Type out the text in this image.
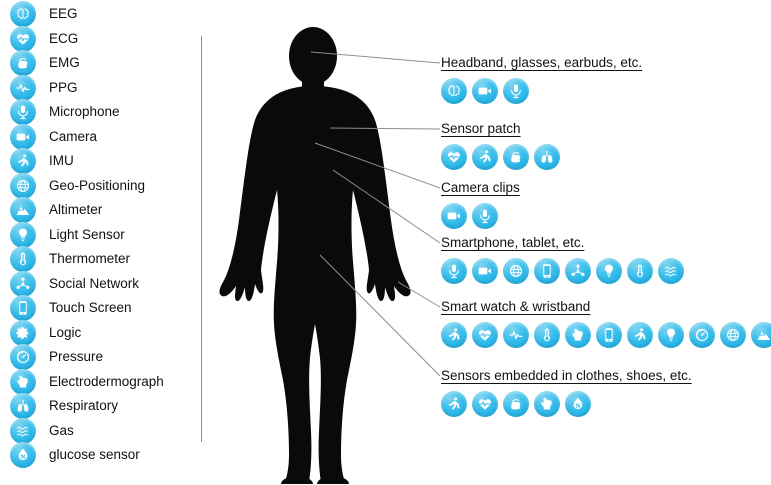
EEG
ECG
EMG
PPG
Microphone
Camera
IMU
Geo-Positioning
Altimeter
Light Sensor
Thermometer
Social Network
Touch Screen
Logic
Pressure
Electrodermograph
Respiratory
Gas
glucose sensor
Headband, glasses, earbuds, etc.
Sensor patch
Camera clips
Smartphone, tablet, etc.
Smart watch & wristband
Sensors embedded in clothes, shoes, etc.
